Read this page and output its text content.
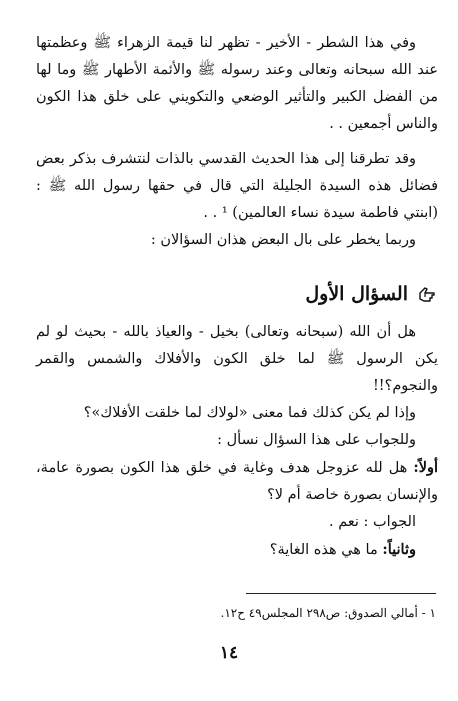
وفي هذا الشطر - الأخير - تظهر لنا قيمة الزهراء ﷺ وعظمتها عند الله سبحانه وتعالى وعند رسوله ﷺ والأئمة الأطهار ﷺ وما لها من الفضل الكبير والتأثير الوضعي والتكويني على خلق هذا الكون والناس أجمعين . .

وقد تطرقنا إلى هذا الحديث القدسي بالذات لنتشرف بذكر بعض فضائل هذه السيدة الجليلة التي قال في حقها رسول الله ﷺ : (ابنتي فاطمة سيدة نساء العالمين) ¹ . .

وربما يخطر على بال البعض هذان السؤالان :

السؤال الأول

هل أن الله (سبحانه وتعالى) بخيل - والعياذ بالله - بحيث لو لم يكن الرسول ﷺ لما خلق الكون والأفلاك والشمس والقمر والنجوم؟!!

وإذا لم يكن كذلك فما معنى «لولاك لما خلقت الأفلاك»؟

وللجواب على هذا السؤال نسأل :

أولاً: هل لله عزوجل هدف وغاية في خلق هذا الكون بصورة عامة، والإنسان بصورة خاصة أم لا؟

الجواب : نعم .

وثانياً: ما هي هذه الغاية؟

١ - أمالي الصدوق: ص٢٩٨ المجلس٤٩ ح١٢.

١٤
